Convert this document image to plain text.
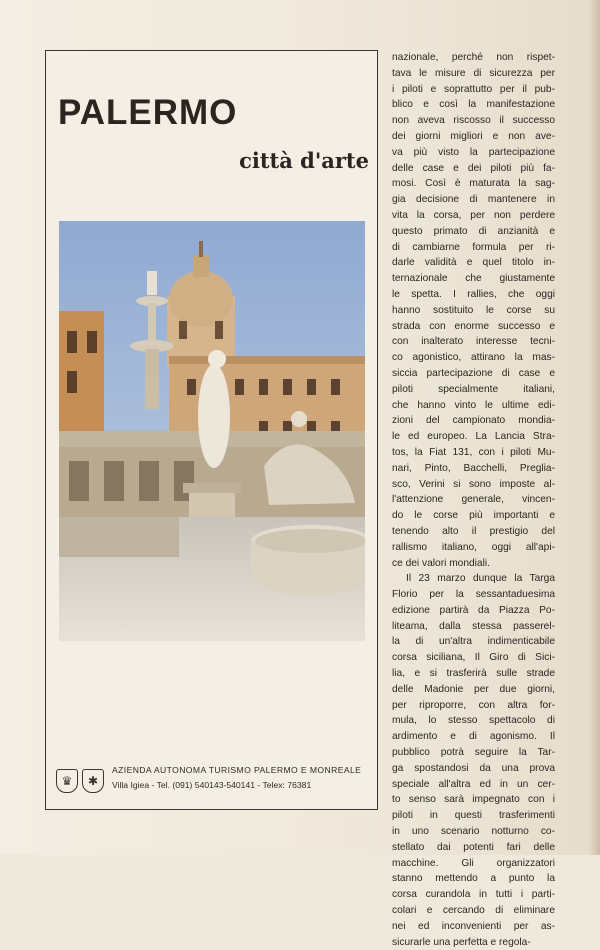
PALERMO
città d'arte
♛	✱
AZIENDA AUTONOMA TURISMO PALERMO E MONREALE
Villa Igiea - Tel. (091) 540143-540141 - Telex: 76381
nazionale, perché non rispet-
tava le misure di sicurezza per
i piloti e soprattutto per il pub-
blico e così la manifestazione
non aveva riscosso il successo
dei giorni migliori e non ave-
va più visto la partecipazione
delle case e dei piloti più fa-
mosi. Così è maturata la sag-
gia decisione di mantenere in
vita la corsa, per non perdere
questo primato di anzianità e
di cambiarne formula per ri-
darle validità e quel titolo in-
ternazionale che giustamente
le spetta. I rallies, che oggi
hanno sostituito le corse su
strada con enorme successo e
con inalterato interesse tecni-
co agonistico, attirano la mas-
siccia partecipazione di case e
piloti specialmente italiani,
che hanno vinto le ultime edi-
zioni del campionato mondia-
le ed europeo. La Lancia Stra-
tos, la Fiat 131, con i piloti Mu-
nari, Pinto, Bacchelli, Preglia-
sco, Verini si sono imposte al-
l'attenzione generale, vincen-
do le corse più importanti e
tenendo alto il prestigio del
rallismo italiano, oggi all'api-
ce dei valori mondiali.
Il 23 marzo dunque la Targa
Florio per la sessantaduesima
edizione partirà da Piazza Po-
liteama, dalla stessa passerel-
la di un'altra indimenticabile
corsa siciliana, Il Giro di Sici-
lia, e si trasferirà sulle strade
delle Madonie per due giorni,
per riproporre, con altra for-
mula, lo stesso spettacolo di
ardimento e di agonismo. Il
pubblico potrà seguire la Tar-
ga spostandosi da una prova
speciale all'altra ed in un cer-
to senso sarà impegnato con i
piloti in questi trasferimenti
in uno scenario notturno co-
stellato dai potenti fari delle
macchine. Gli organizzatori
stanno mettendo a punto la
corsa curandola in tutti i parti-
colari e cercando di eliminare
nei ed inconvenienti per as-
sicurarle una perfetta e regola-
